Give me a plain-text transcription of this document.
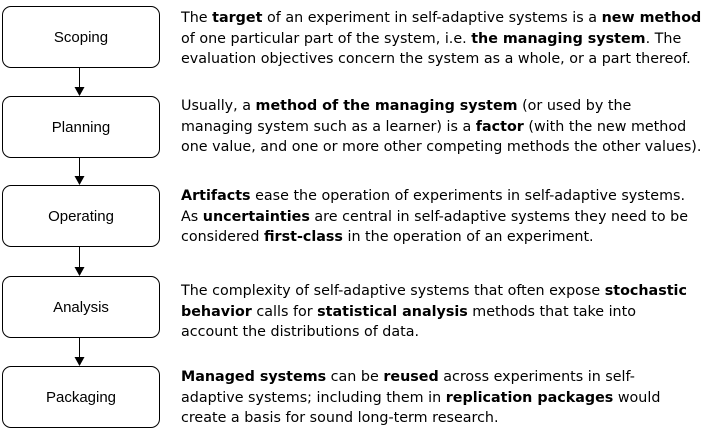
Scoping
The target of an experiment in self-adaptive systems is a new method
of one particular part of the system, i.e. the managing system. The
evaluation objectives concern the system as a whole, or a part thereof.
Planning
Usually, a method of the managing system (or used by the
managing system such as a learner) is a factor (with the new method
one value, and one or more other competing methods the other values).
Operating
Artifacts ease the operation of experiments in self-adaptive systems.
As uncertainties are central in self-adaptive systems they need to be
considered first-class in the operation of an experiment.
Analysis
The complexity of self-adaptive systems that often expose stochastic
behavior calls for statistical analysis methods that take into
account the distributions of data.
Packaging
Managed systems can be reused across experiments in self-
adaptive systems; including them in replication packages would
create a basis for sound long-term research.
